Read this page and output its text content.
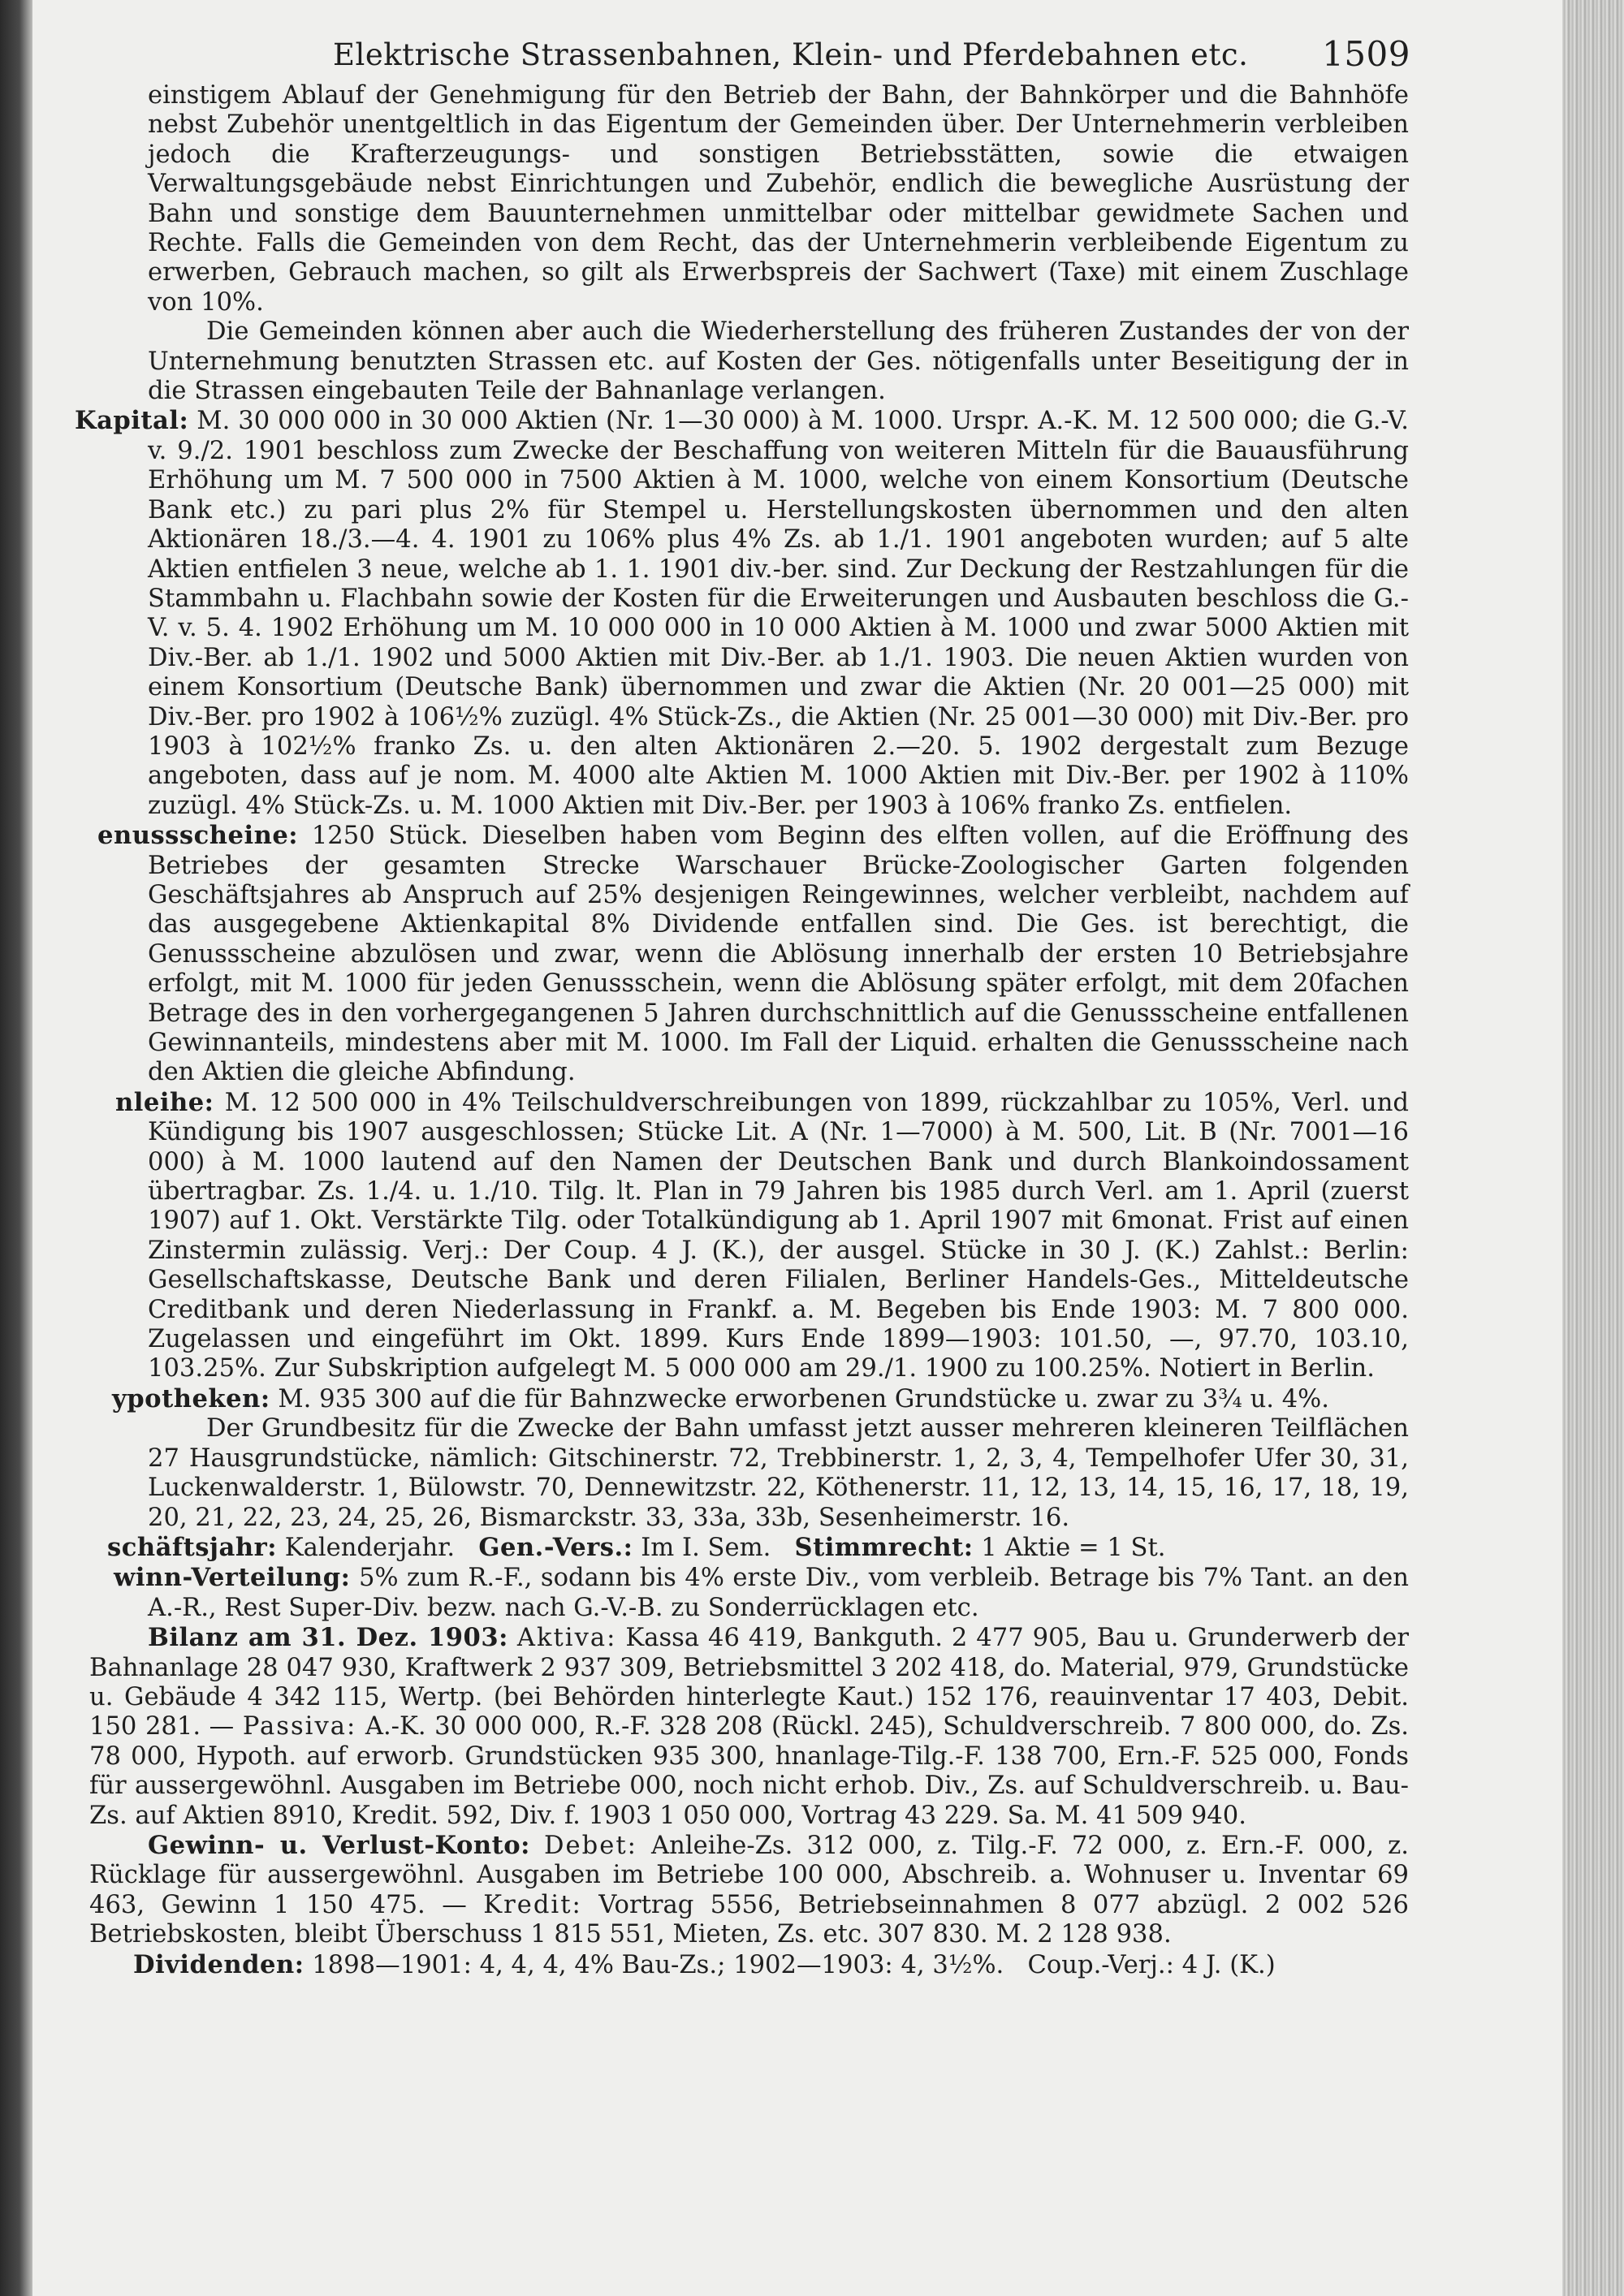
Elektrische Strassenbahnen, Klein- und Pferdebahnen etc. 1509

einstigem Ablauf der Genehmigung für den Betrieb der Bahn, der Bahnkörper und die Bahnhöfe nebst Zubehör unentgeltlich in das Eigentum der Gemeinden über. Der Unternehmerin verbleiben jedoch die Krafterzeugungs- und sonstigen Betriebsstätten, sowie die etwaigen Verwaltungsgebäude nebst Einrichtungen und Zubehör, endlich die bewegliche Ausrüstung der Bahn und sonstige dem Bauunternehmen unmittelbar oder mittelbar gewidmete Sachen und Rechte. Falls die Gemeinden von dem Recht, das der Unternehmerin verbleibende Eigentum zu erwerben, Gebrauch machen, so gilt als Erwerbspreis der Sachwert (Taxe) mit einem Zuschlage von 10%.

Die Gemeinden können aber auch die Wiederherstellung des früheren Zustandes der von der Unternehmung benutzten Strassen etc. auf Kosten der Ges. nötigenfalls unter Beseitigung der in die Strassen eingebauten Teile der Bahnanlage verlangen.

Kapital: M. 30 000 000 in 30 000 Aktien (Nr. 1—30 000) à M. 1000. Urspr. A.-K. M. 12 500 000; die G.-V. v. 9./2. 1901 beschloss zum Zwecke der Beschaffung von weiteren Mitteln für die Bauausführung Erhöhung um M. 7 500 000 in 7500 Aktien à M. 1000, welche von einem Konsortium (Deutsche Bank etc.) zu pari plus 2% für Stempel u. Herstellungskosten übernommen und den alten Aktionären 18./3.—4. 4. 1901 zu 106% plus 4% Zs. ab 1./1. 1901 angeboten wurden; auf 5 alte Aktien entfielen 3 neue, welche ab 1. 1. 1901 div.-ber. sind. Zur Deckung der Restzahlungen für die Stammbahn u. Flachbahn sowie der Kosten für die Erweiterungen und Ausbauten beschloss die G.-V. v. 5. 4. 1902 Erhöhung um M. 10 000 000 in 10 000 Aktien à M. 1000 und zwar 5000 Aktien mit Div.-Ber. ab 1./1. 1902 und 5000 Aktien mit Div.-Ber. ab 1./1. 1903. Die neuen Aktien wurden von einem Konsortium (Deutsche Bank) übernommen und zwar die Aktien (Nr. 20 001—25 000) mit Div.-Ber. pro 1902 à 106½% zuzügl. 4% Stück-Zs., die Aktien (Nr. 25 001—30 000) mit Div.-Ber. pro 1903 à 102½% franko Zs. u. den alten Aktionären 2.—20. 5. 1902 dergestalt zum Bezuge angeboten, dass auf je nom. M. 4000 alte Aktien M. 1000 Aktien mit Div.-Ber. per 1902 à 110% zuzügl. 4% Stück-Zs. u. M. 1000 Aktien mit Div.-Ber. per 1903 à 106% franko Zs. entfielen.

enussscheine: 1250 Stück. Dieselben haben vom Beginn des elften vollen, auf die Eröffnung des Betriebes der gesamten Strecke Warschauer Brücke-Zoologischer Garten folgenden Geschäftsjahres ab Anspruch auf 25% desjenigen Reingewinnes, welcher verbleibt, nachdem auf das ausgegebene Aktienkapital 8% Dividende entfallen sind. Die Ges. ist berechtigt, die Genussscheine abzulösen und zwar, wenn die Ablösung innerhalb der ersten 10 Betriebsjahre erfolgt, mit M. 1000 für jeden Genussschein, wenn die Ablösung später erfolgt, mit dem 20fachen Betrage des in den vorhergegangenen 5 Jahren durchschnittlich auf die Genussscheine entfallenen Gewinnanteils, mindestens aber mit M. 1000. Im Fall der Liquid. erhalten die Genussscheine nach den Aktien die gleiche Abfindung.

nleihe: M. 12 500 000 in 4% Teilschuldverschreibungen von 1899, rückzahlbar zu 105%, Verl. und Kündigung bis 1907 ausgeschlossen; Stücke Lit. A (Nr. 1—7000) à M. 500, Lit. B (Nr. 7001—16 000) à M. 1000 lautend auf den Namen der Deutschen Bank und durch Blankoindossament übertragbar. Zs. 1./4. u. 1./10. Tilg. lt. Plan in 79 Jahren bis 1985 durch Verl. am 1. April (zuerst 1907) auf 1. Okt. Verstärkte Tilg. oder Totalkündigung ab 1. April 1907 mit 6monat. Frist auf einen Zinstermin zulässig. Verj.: Der Coup. 4 J. (K.), der ausgel. Stücke in 30 J. (K.) Zahlst.: Berlin: Gesellschaftskasse, Deutsche Bank und deren Filialen, Berliner Handels-Ges., Mitteldeutsche Creditbank und deren Niederlassung in Frankf. a. M. Begeben bis Ende 1903: M. 7 800 000. Zugelassen und eingeführt im Okt. 1899. Kurs Ende 1899—1903: 101.50, —, 97.70, 103.10, 103.25%. Zur Subskription aufgelegt M. 5 000 000 am 29./1. 1900 zu 100.25%. Notiert in Berlin.

ypotheken: M. 935 300 auf die für Bahnzwecke erworbenen Grundstücke u. zwar zu 3¾ u. 4%.

Der Grundbesitz für die Zwecke der Bahn umfasst jetzt ausser mehreren kleineren Teilflächen 27 Hausgrundstücke, nämlich: Gitschinerstr. 72, Trebbinerstr. 1, 2, 3, 4, Tempelhofer Ufer 30, 31, Luckenwalderstr. 1, Bülowstr. 70, Dennewitzstr. 22, Köthenerstr. 11, 12, 13, 14, 15, 16, 17, 18, 19, 20, 21, 22, 23, 24, 25, 26, Bismarckstr. 33, 33a, 33b, Sesenheimerstr. 16.

schäftsjahr: Kalenderjahr. Gen.-Vers.: Im I. Sem. Stimmrecht: 1 Aktie = 1 St.

winn-Verteilung: 5% zum R.-F., sodann bis 4% erste Div., vom verbleib. Betrage bis 7% Tant. an den A.-R., Rest Super-Div. bezw. nach G.-V.-B. zu Sonderrücklagen etc.

Bilanz am 31. Dez. 1903: Aktiva: Kassa 46 419, Bankguth. 2 477 905, Bau u. Grunderwerb der Bahnanlage 28 047 930, Kraftwerk 2 937 309, Betriebsmittel 3 202 418, do. Material, 979, Grundstücke u. Gebäude 4 342 115, Wertp. (bei Behörden hinterlegte Kaut.) 152 176, reauinventar 17 403, Debit. 150 281. — Passiva: A.-K. 30 000 000, R.-F. 328 208 (Rückl. 245), Schuldverschreib. 7 800 000, do. Zs. 78 000, Hypoth. auf erworb. Grundstücken 935 300, hnanlage-Tilg.-F. 138 700, Ern.-F. 525 000, Fonds für aussergewöhnl. Ausgaben im Betriebe 000, noch nicht erhob. Div., Zs. auf Schuldverschreib. u. Bau-Zs. auf Aktien 8910, Kredit. 592, Div. f. 1903 1 050 000, Vortrag 43 229. Sa. M. 41 509 940.

Gewinn- u. Verlust-Konto: Debet: Anleihe-Zs. 312 000, z. Tilg.-F. 72 000, z. Ern.-F. 000, z. Rücklage für aussergewöhnl. Ausgaben im Betriebe 100 000, Abschreib. a. Wohnuser u. Inventar 69 463, Gewinn 1 150 475. — Kredit: Vortrag 5556, Betriebseinnahmen 8 077 abzügl. 2 002 526 Betriebskosten, bleibt Überschuss 1 815 551, Mieten, Zs. etc. 307 830. M. 2 128 938.

Dividenden: 1898—1901: 4, 4, 4, 4% Bau-Zs.; 1902—1903: 4, 3½%. Coup.-Verj.: 4 J. (K.)
